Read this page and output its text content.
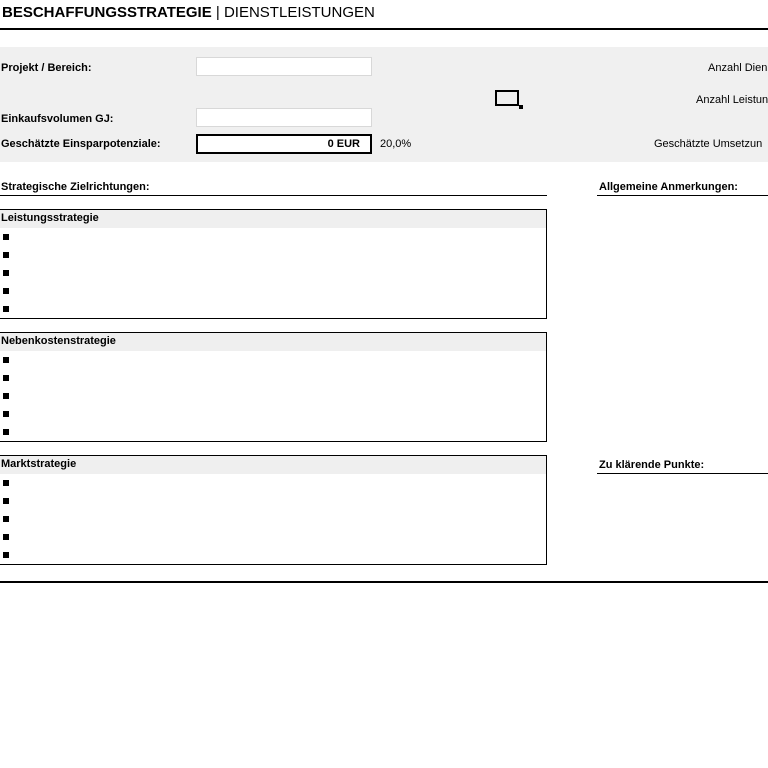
BESCHAFFUNGSSTRATEGIE | DIENSTLEISTUNGEN
Projekt / Bereich:
Einkaufsvolumen GJ:
Geschätzte Einsparpotenziale:	0 EUR	20,0%
Anzahl Dien
Anzahl Leistun
Geschätzte Umsetzun
Strategische Zielrichtungen:	Allgemeine Anmerkungen:
Leistungsstrategie
Nebenkostenstrategie
Marktstrategie	Zu klärende Punkte:
